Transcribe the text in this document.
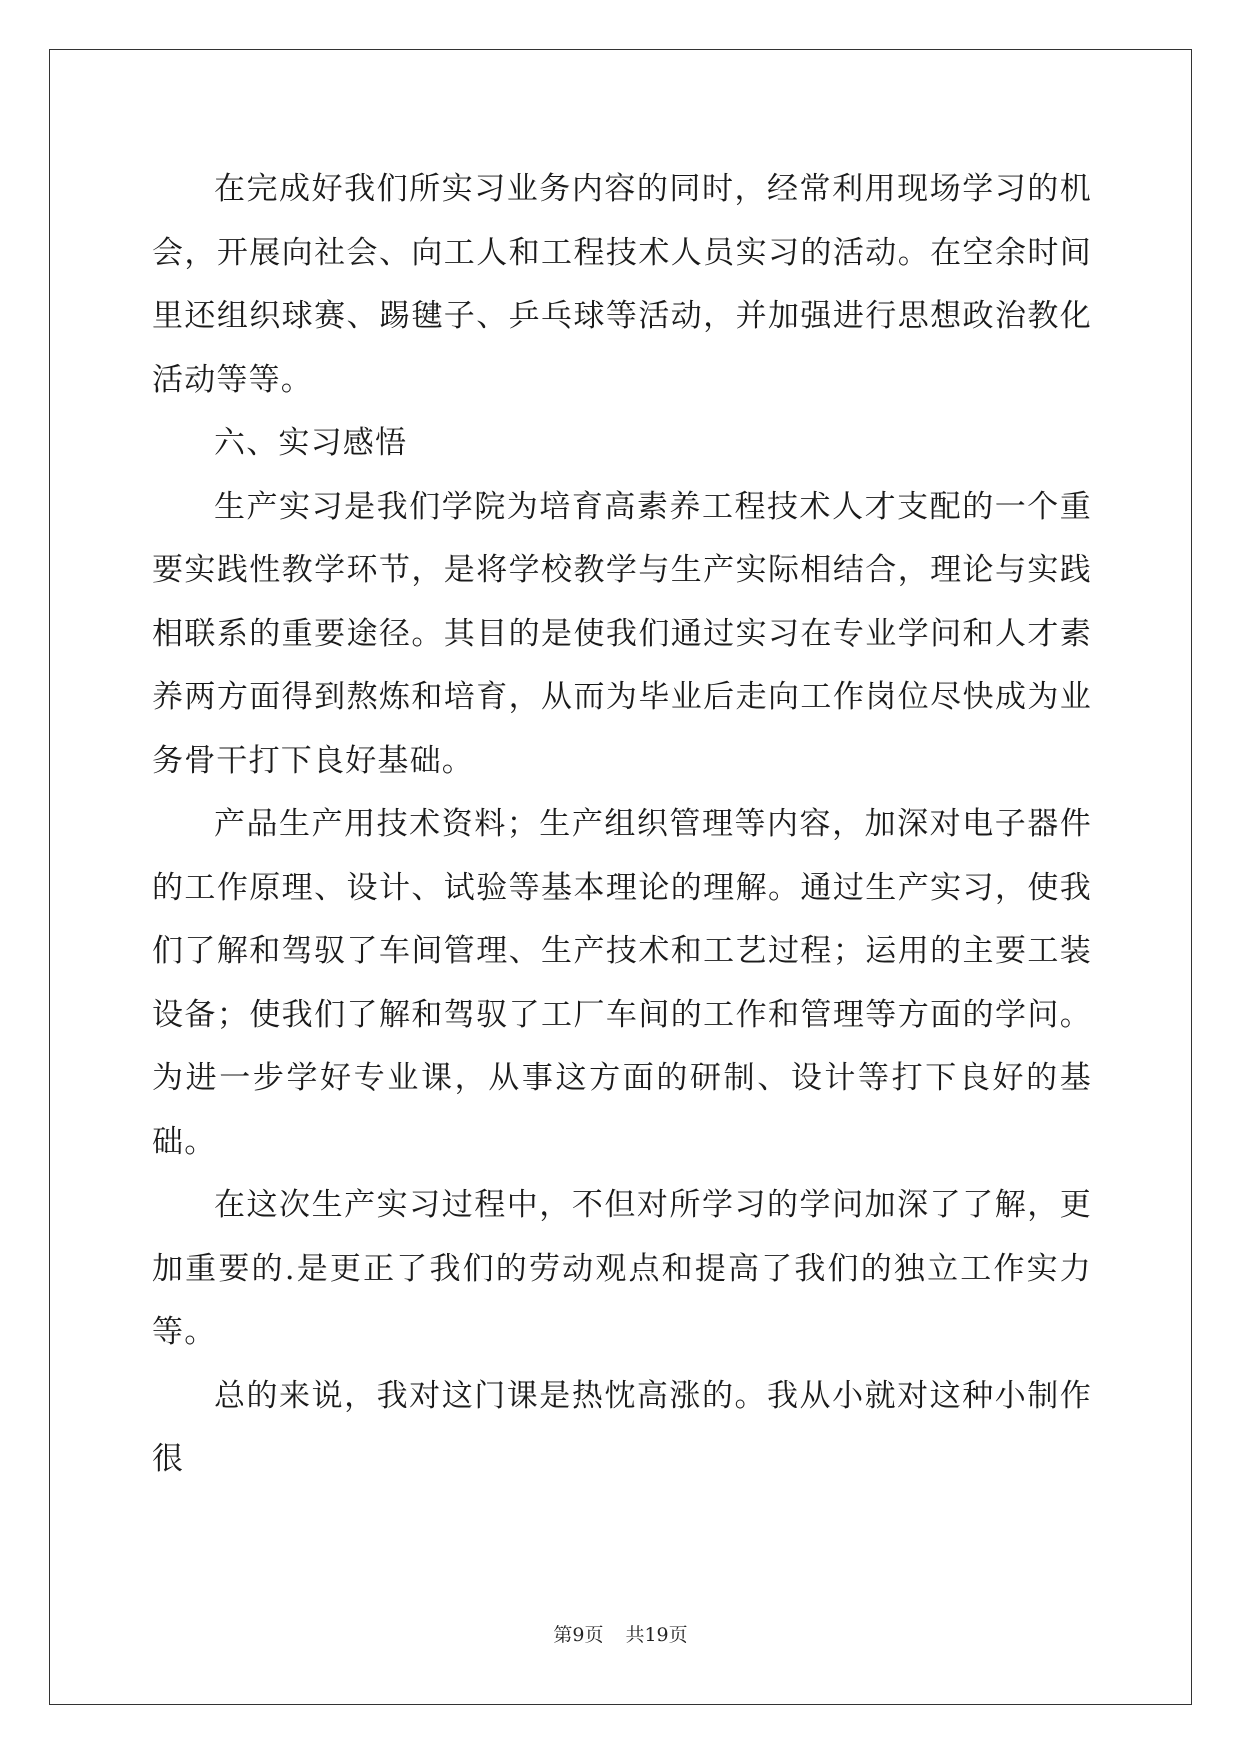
在完成好我们所实习业务内容的同时，经常利用现场学习的机会，开展向社会、向工人和工程技术人员实习的活动。在空余时间里还组织球赛、踢毽子、乒乓球等活动，并加强进行思想政治教化活动等等。

六、实习感悟

生产实习是我们学院为培育高素养工程技术人才支配的一个重要实践性教学环节，是将学校教学与生产实际相结合，理论与实践相联系的重要途径。其目的是使我们通过实习在专业学问和人才素养两方面得到熬炼和培育，从而为毕业后走向工作岗位尽快成为业务骨干打下良好基础。

产品生产用技术资料；生产组织管理等内容，加深对电子器件的工作原理、设计、试验等基本理论的理解。通过生产实习，使我们了解和驾驭了车间管理、生产技术和工艺过程；运用的主要工装设备；使我们了解和驾驭了工厂车间的工作和管理等方面的学问。为进一步学好专业课，从事这方面的研制、设计等打下良好的基础。

在这次生产实习过程中，不但对所学习的学问加深了了解，更加重要的.是更正了我们的劳动观点和提高了我们的独立工作实力等。

总的来说，我对这门课是热忱高涨的。我从小就对这种小制作很

第9页 共19页
